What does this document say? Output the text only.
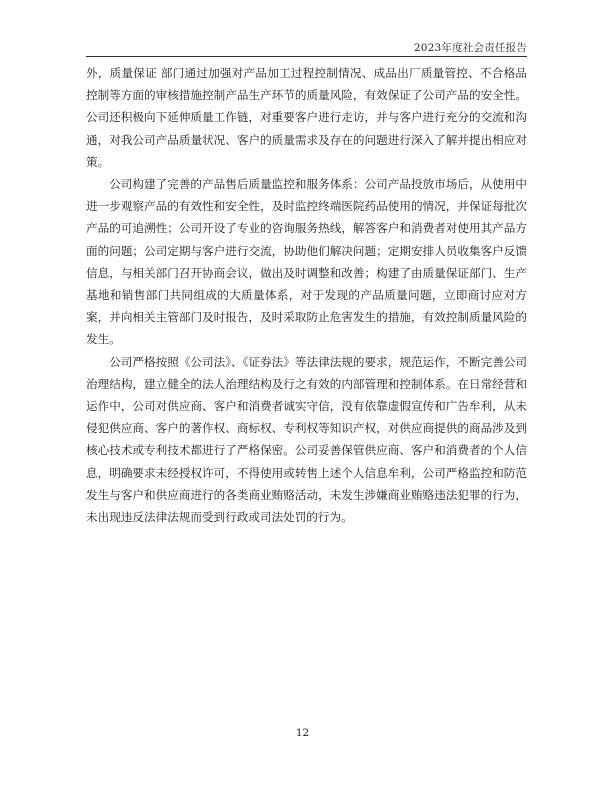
2023年度社会责任报告

外，质量保证 部门通过加强对产品加工过程控制情况、成品出厂质量管控、不合格品控制等方面的审核措施控制产品生产环节的质量风险，有效保证了公司产品的安全性。公司还积极向下延伸质量工作链，对重要客户进行走访，并与客户进行充分的交流和沟通，对我公司产品质量状况、客户的质量需求及存在的问题进行深入了解并提出相应对策。

公司构建了完善的产品售后质量监控和服务体系：公司产品投放市场后，从使用中进一步观察产品的有效性和安全性，及时监控终端医院药品使用的情况，并保证每批次产品的可追溯性；公司开设了专业的咨询服务热线，解答客户和消费者对使用其产品方面的问题；公司定期与客户进行交流，协助他们解决问题；定期安排人员收集客户反馈信息，与相关部门召开协商会议，做出及时调整和改善；构建了由质量保证部门、生产基地和销售部门共同组成的大质量体系，对于发现的产品质量问题，立即商讨应对方案，并向相关主管部门及时报告，及时采取防止危害发生的措施，有效控制质量风险的发生。

公司严格按照《公司法》、《证券法》等法律法规的要求，规范运作，不断完善公司治理结构，建立健全的法人治理结构及行之有效的内部管理和控制体系。在日常经营和运作中，公司对供应商、客户和消费者诚实守信，没有依靠虚假宣传和广告牟利，从未侵犯供应商、客户的著作权、商标权、专利权等知识产权，对供应商提供的商品涉及到核心技术或专利技术都进行了严格保密。公司妥善保管供应商、客户和消费者的个人信息，明确要求未经授权许可，不得使用或转售上述个人信息牟利，公司严格监控和防范发生与客户和供应商进行的各类商业贿赂活动，未发生涉嫌商业贿赂违法犯罪的行为，未出现违反法律法规而受到行政或司法处罚的行为。

12
